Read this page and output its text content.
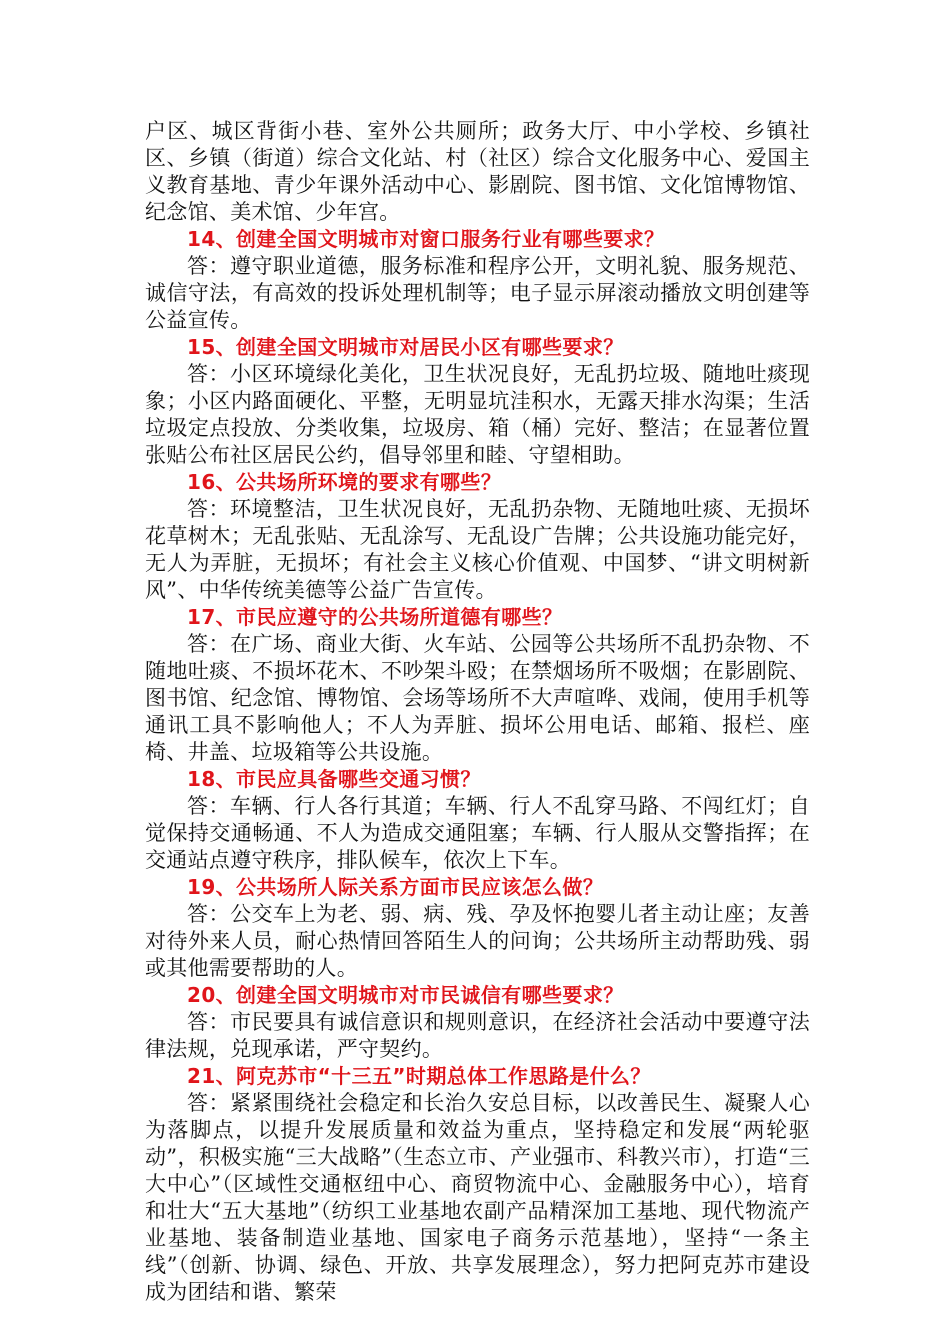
户区、城区背街小巷、室外公共厕所；政务大厅、中小学校、乡镇社区、乡镇（街道）综合文化站、村（社区）综合文化服务中心、爱国主义教育基地、青少年课外活动中心、影剧院、图书馆、文化馆博物馆、纪念馆、美术馆、少年宫。

14、创建全国文明城市对窗口服务行业有哪些要求？

答：遵守职业道德，服务标准和程序公开，文明礼貌、服务规范、诚信守法，有高效的投诉处理机制等；电子显示屏滚动播放文明创建等公益宣传。

15、创建全国文明城市对居民小区有哪些要求？

答：小区环境绿化美化，卫生状况良好，无乱扔垃圾、随地吐痰现象；小区内路面硬化、平整，无明显坑洼积水，无露天排水沟渠；生活垃圾定点投放、分类收集，垃圾房、箱（桶）完好、整洁；在显著位置张贴公布社区居民公约，倡导邻里和睦、守望相助。

16、公共场所环境的要求有哪些？

答：环境整洁，卫生状况良好，无乱扔杂物、无随地吐痰、无损坏花草树木；无乱张贴、无乱涂写、无乱设广告牌；公共设施功能完好，无人为弄脏，无损坏；有社会主义核心价值观、中国梦、“讲文明树新风”、中华传统美德等公益广告宣传。

17、市民应遵守的公共场所道德有哪些？

答：在广场、商业大街、火车站、公园等公共场所不乱扔杂物、不随地吐痰、不损坏花木、不吵架斗殴；在禁烟场所不吸烟；在影剧院、图书馆、纪念馆、博物馆、会场等场所不大声喧哗、戏闹，使用手机等通讯工具不影响他人；不人为弄脏、损坏公用电话、邮箱、报栏、座椅、井盖、垃圾箱等公共设施。

18、市民应具备哪些交通习惯？

答：车辆、行人各行其道；车辆、行人不乱穿马路、不闯红灯；自觉保持交通畅通、不人为造成交通阻塞；车辆、行人服从交警指挥；在交通站点遵守秩序，排队候车，依次上下车。

19、公共场所人际关系方面市民应该怎么做？

答：公交车上为老、弱、病、残、孕及怀抱婴儿者主动让座；友善对待外来人员，耐心热情回答陌生人的问询；公共场所主动帮助残、弱或其他需要帮助的人。

20、创建全国文明城市对市民诚信有哪些要求？

答：市民要具有诚信意识和规则意识，在经济社会活动中要遵守法律法规，兑现承诺，严守契约。

21、阿克苏市“十三五”时期总体工作思路是什么？

答：紧紧围绕社会稳定和长治久安总目标，以改善民生、凝聚人心为落脚点，以提升发展质量和效益为重点，坚持稳定和发展“两轮驱动”，积极实施“三大战略”（生态立市、产业强市、科教兴市），打造“三大中心”（区域性交通枢纽中心、商贸物流中心、金融服务中心），培育和壮大“五大基地”（纺织工业基地农副产品精深加工基地、现代物流产业基地、装备制造业基地、国家电子商务示范基地），坚持“一条主线”（创新、协调、绿色、开放、共享发展理念），努力把阿克苏市建设成为团结和谐、繁荣
